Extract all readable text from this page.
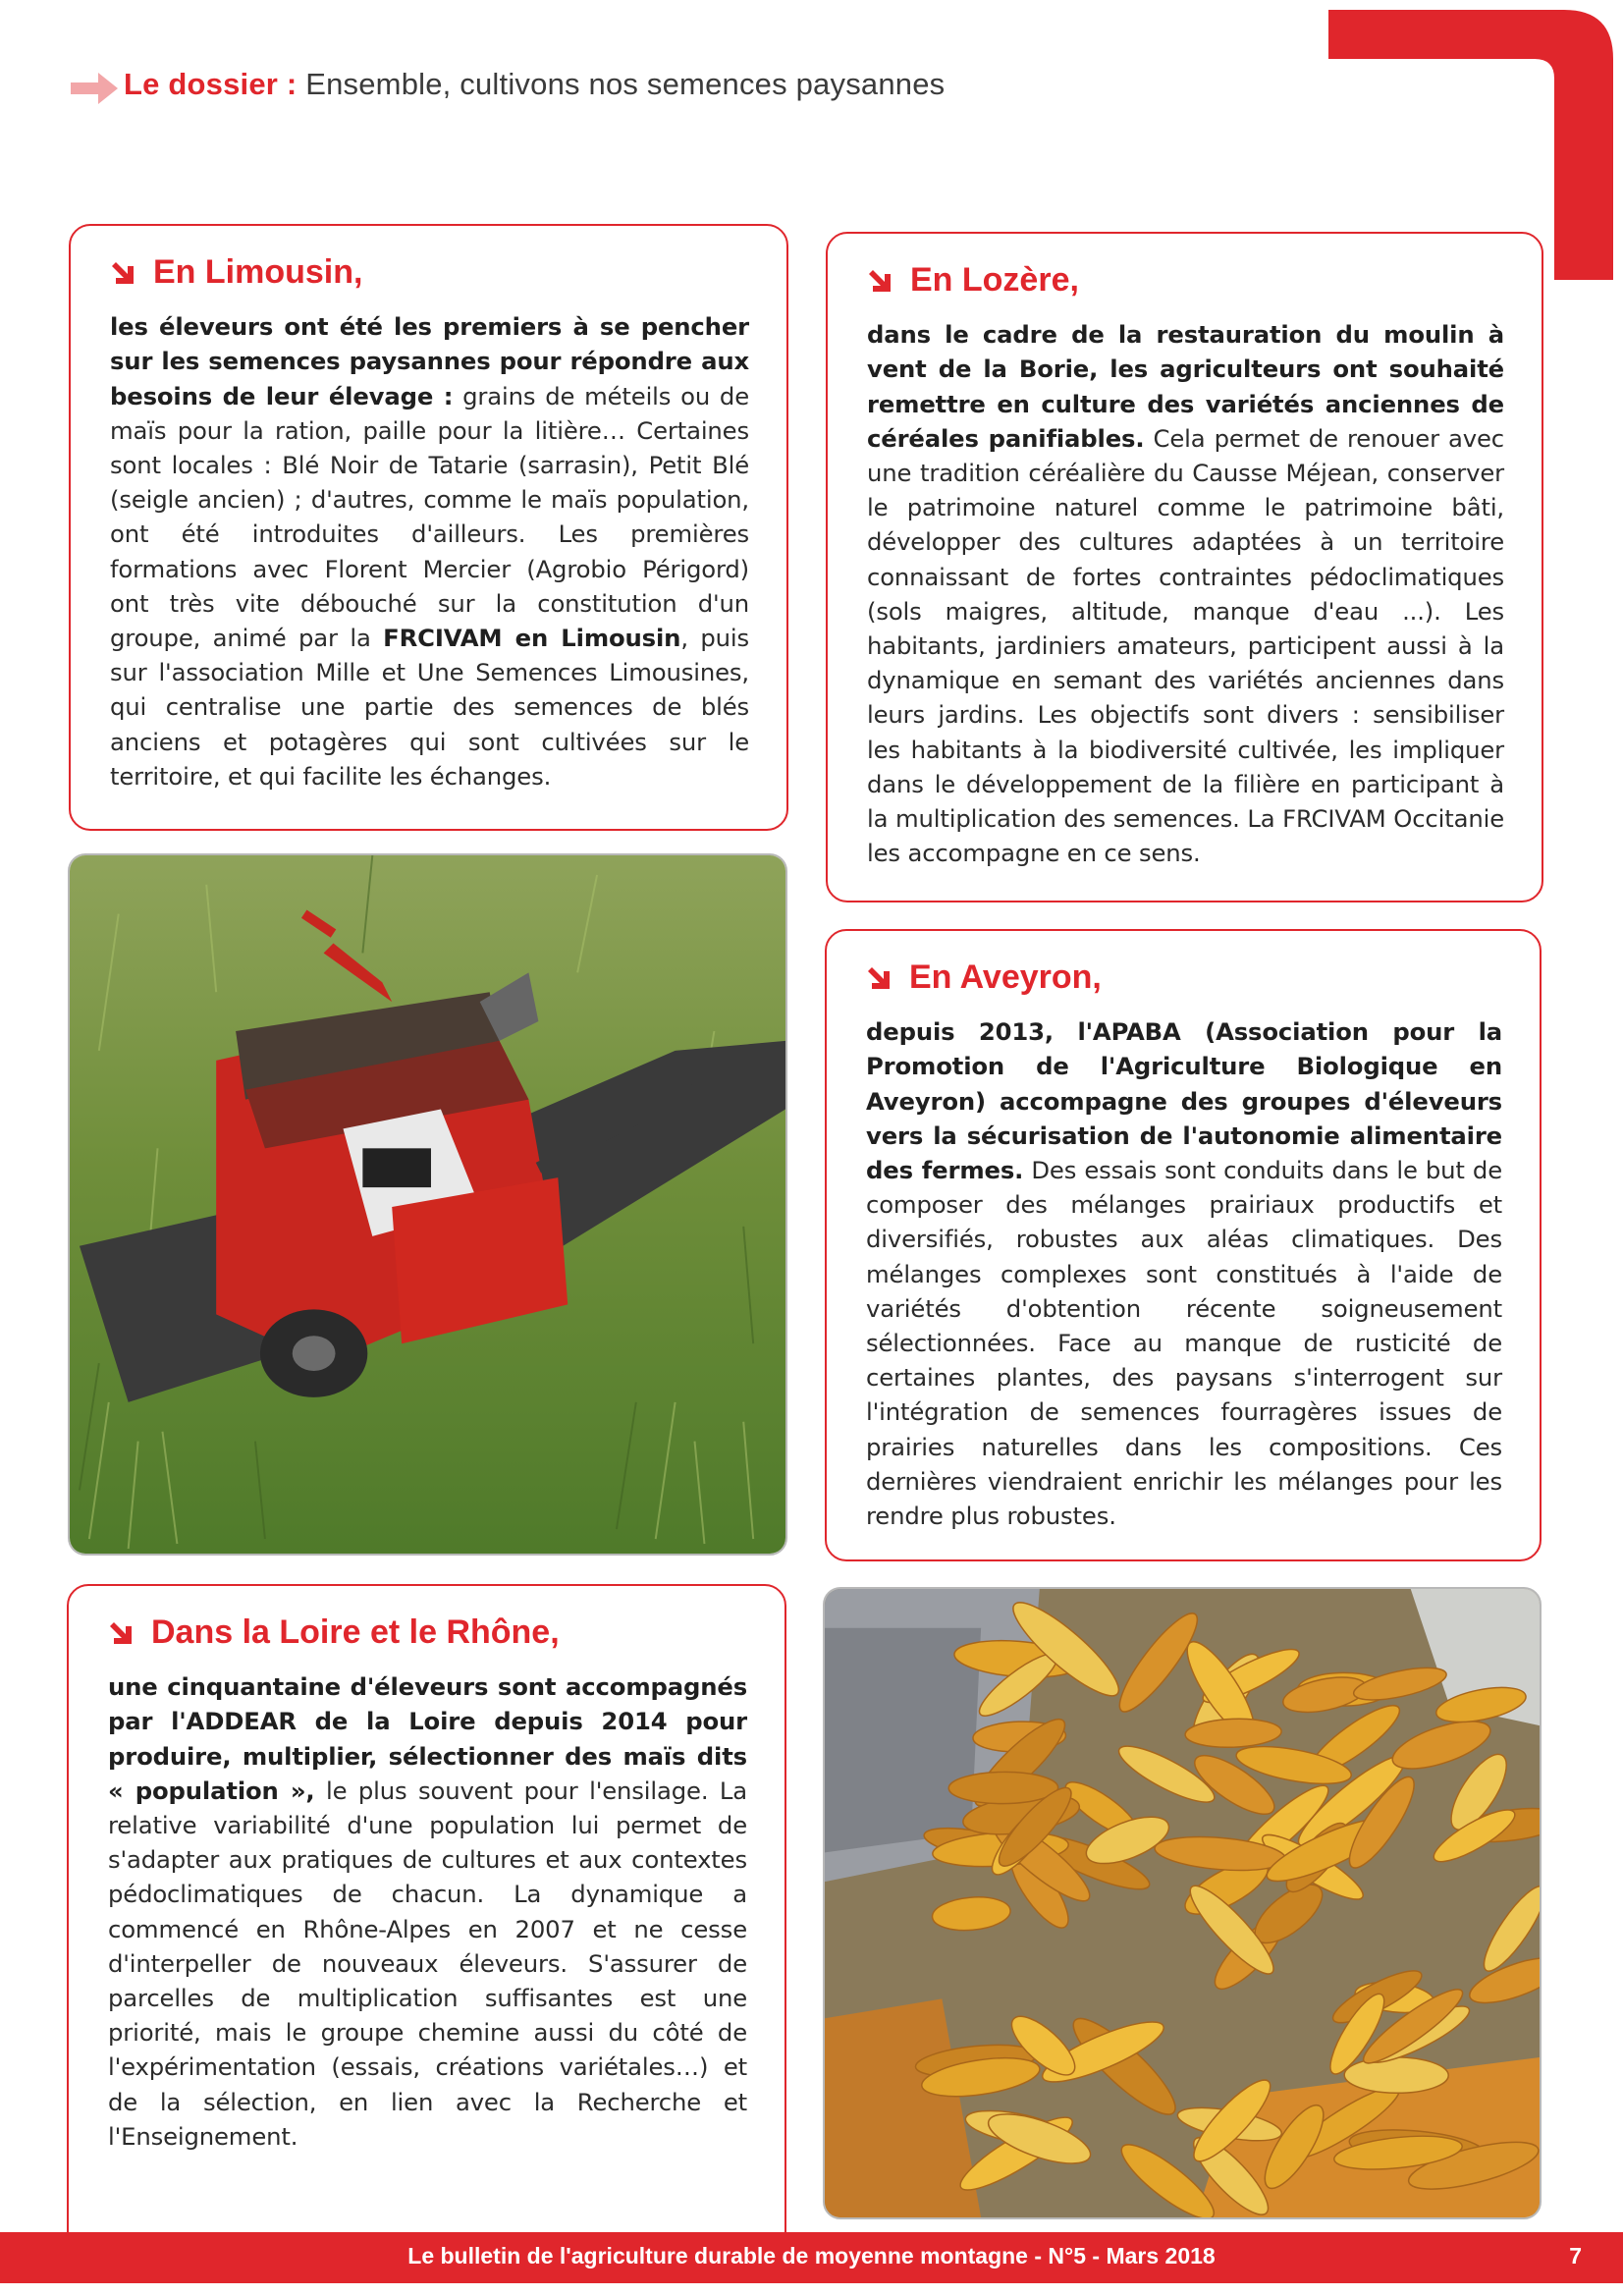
Le dossier : Ensemble, cultivons nos semences paysannes
En Limousin,

les éleveurs ont été les premiers à se pencher sur les semences paysannes pour répondre aux besoins de leur élevage : grains de méteils ou de maïs pour la ration, paille pour la litière… Certaines sont locales : Blé Noir de Tatarie (sarrasin), Petit Blé (seigle ancien) ; d'autres, comme le maïs population, ont été introduites d'ailleurs. Les premières formations avec Florent Mercier (Agrobio Périgord) ont très vite débouché sur la constitution d'un groupe, animé par la FRCIVAM en Limousin, puis sur l'association Mille et Une Semences Limousines, qui centralise une partie des semences de blés anciens et potagères qui sont cultivées sur le territoire, et qui facilite les échanges.

En Lozère,

dans le cadre de la restauration du moulin à vent de la Borie, les agriculteurs ont souhaité remettre en culture des variétés anciennes de céréales panifiables. Cela permet de renouer avec une tradition céréalière du Causse Méjean, conserver le patrimoine naturel comme le patrimoine bâti, développer des cultures adaptées à un territoire connaissant de fortes contraintes pédoclimatiques (sols maigres, altitude, manque d'eau ...). Les habitants, jardiniers amateurs, participent aussi à la dynamique en semant des variétés anciennes dans leurs jardins. Les objectifs sont divers : sensibiliser les habitants à la biodiversité cultivée, les impliquer dans le développement de la filière en participant à la multiplication des semences. La FRCIVAM Occitanie les accompagne en ce sens.

En Aveyron,

depuis 2013, l'APABA (Association pour la Promotion de l'Agriculture Biologique en Aveyron) accompagne des groupes d'éleveurs vers la sécurisation de l'autonomie alimentaire des fermes. Des essais sont conduits dans le but de composer des mélanges prairiaux productifs et diversifiés, robustes aux aléas climatiques. Des mélanges complexes sont constitués à l'aide de variétés d'obtention récente soigneusement sélectionnées. Face au manque de rusticité de certaines plantes, des paysans s'interrogent sur l'intégration de semences fourragères issues de prairies naturelles dans les compositions. Ces dernières viendraient enrichir les mélanges pour les rendre plus robustes.

Dans la Loire et le Rhône,

une cinquantaine d'éleveurs sont accompagnés par l'ADDEAR de la Loire depuis 2014 pour produire, multiplier, sélectionner des maïs dits « population », le plus souvent pour l'ensilage. La relative variabilité d'une population lui permet de s'adapter aux pratiques de cultures et aux contextes pédoclimatiques de chacun. La dynamique a commencé en Rhône-Alpes en 2007 et ne cesse d'interpeller de nouveaux éleveurs. S'assurer de parcelles de multiplication suffisantes est une priorité, mais le groupe chemine aussi du côté de l'expérimentation (essais, créations variétales…) et de la sélection, en lien avec la Recherche et l'Enseignement.

Le bulletin de l'agriculture durable de moyenne montagne - N°5 - Mars 2018	7
